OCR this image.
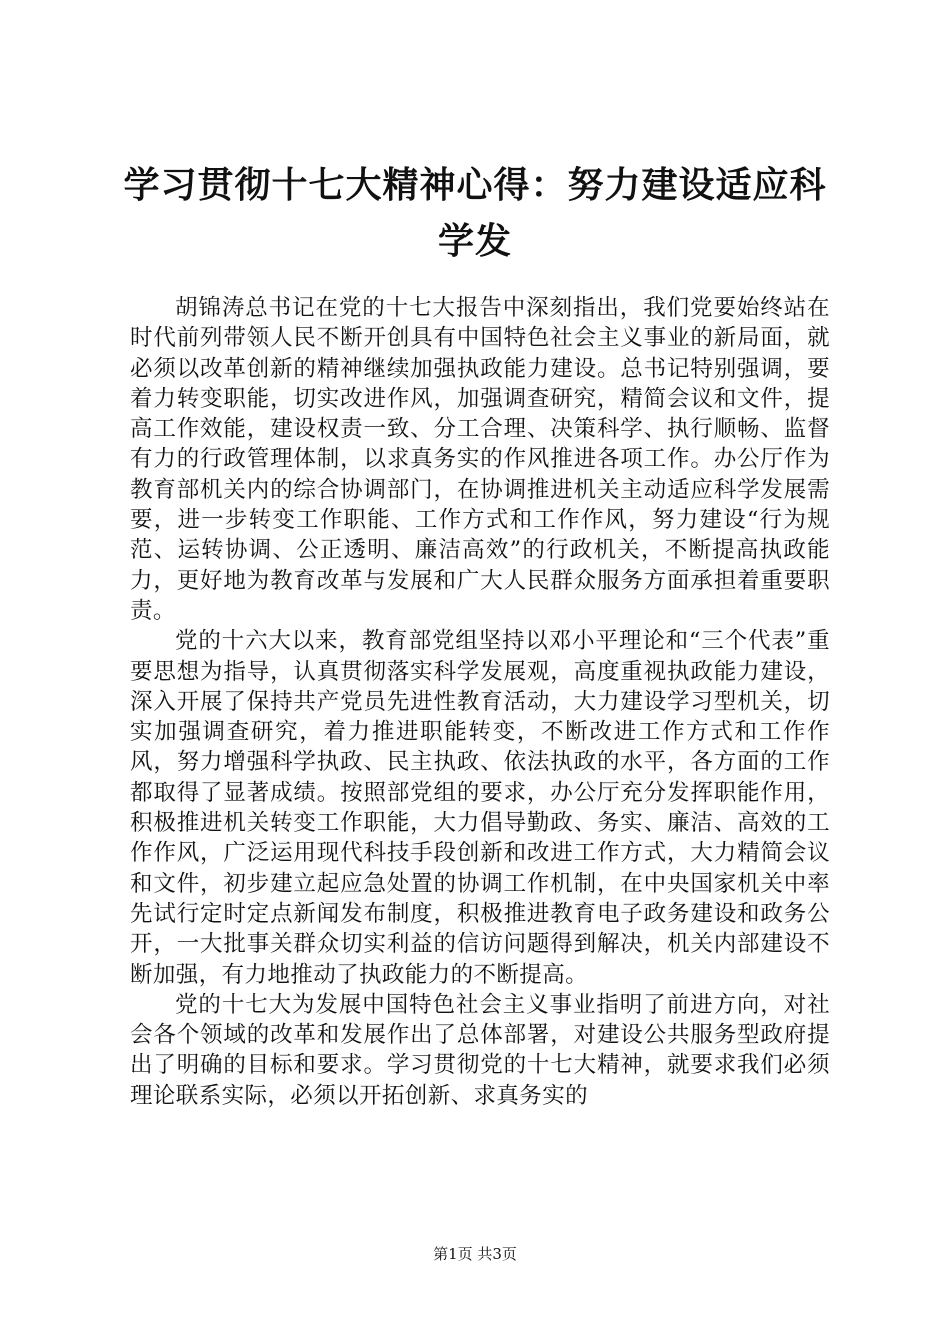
学习贯彻十七大精神心得：努力建设适应科学发

胡锦涛总书记在党的十七大报告中深刻指出，我们党要始终站在时代前列带领人民不断开创具有中国特色社会主义事业的新局面，就必须以改革创新的精神继续加强执政能力建设。总书记特别强调，要着力转变职能，切实改进作风，加强调查研究，精简会议和文件，提高工作效能，建设权责一致、分工合理、决策科学、执行顺畅、监督有力的行政管理体制，以求真务实的作风推进各项工作。办公厅作为教育部机关内的综合协调部门，在协调推进机关主动适应科学发展需要，进一步转变工作职能、工作方式和工作作风，努力建设“行为规范、运转协调、公正透明、廉洁高效”的行政机关，不断提高执政能力，更好地为教育改革与发展和广大人民群众服务方面承担着重要职责。

党的十六大以来，教育部党组坚持以邓小平理论和“三个代表”重要思想为指导，认真贯彻落实科学发展观，高度重视执政能力建设，深入开展了保持共产党员先进性教育活动，大力建设学习型机关，切实加强调查研究，着力推进职能转变，不断改进工作方式和工作作风，努力增强科学执政、民主执政、依法执政的水平，各方面的工作都取得了显著成绩。按照部党组的要求，办公厅充分发挥职能作用，积极推进机关转变工作职能，大力倡导勤政、务实、廉洁、高效的工作作风，广泛运用现代科技手段创新和改进工作方式，大力精简会议和文件，初步建立起应急处置的协调工作机制，在中央国家机关中率先试行定时定点新闻发布制度，积极推进教育电子政务建设和政务公开，一大批事关群众切实利益的信访问题得到解决，机关内部建设不断加强，有力地推动了执政能力的不断提高。

党的十七大为发展中国特色社会主义事业指明了前进方向，对社会各个领域的改革和发展作出了总体部署，对建设公共服务型政府提出了明确的目标和要求。学习贯彻党的十七大精神，就要求我们必须理论联系实际，必须以开拓创新、求真务实的

第1页 共3页
